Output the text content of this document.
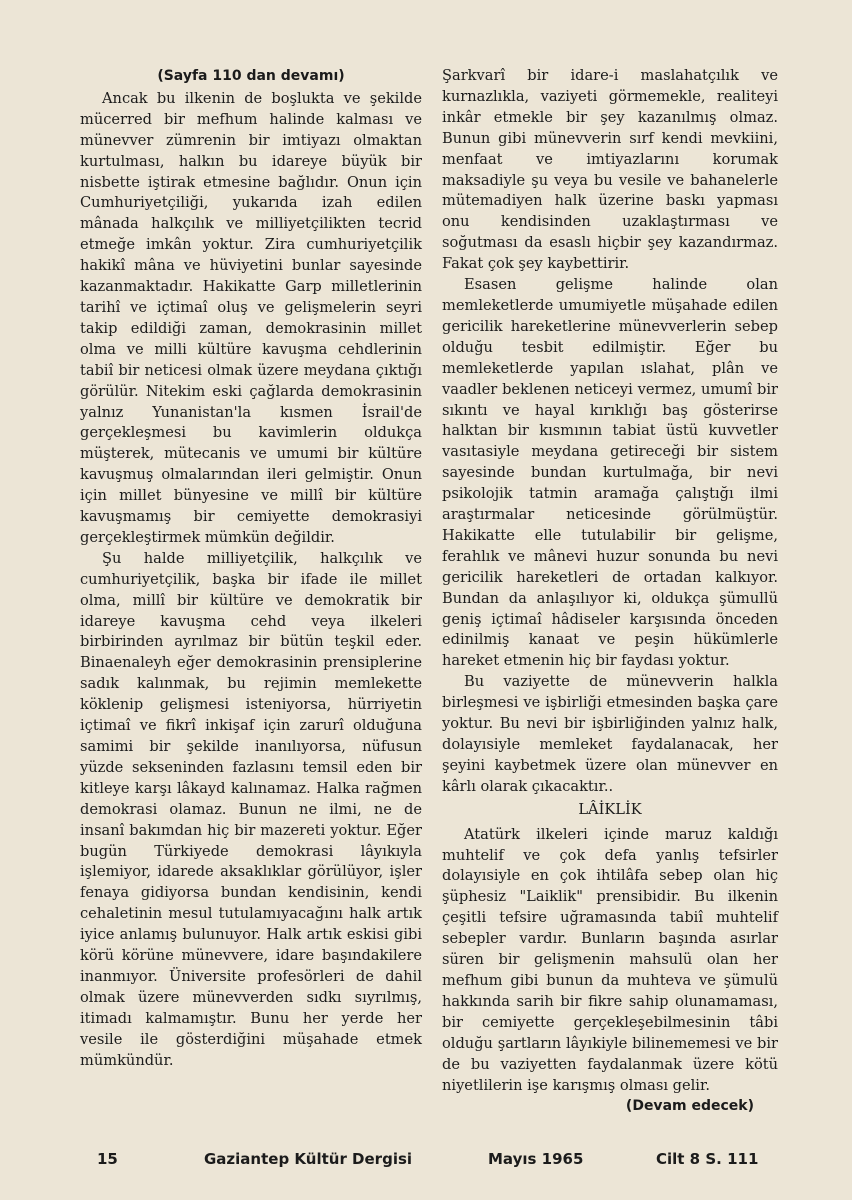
(Sayfa 110 dan devamı)

Ancak bu ilkenin de boşlukta ve şekilde mücerred bir mefhum halinde kalması ve münevver zümrenin bir imtiyazı olmaktan kurtulması, halkın bu idareye büyük bir nisbette iştirak etmesine bağlıdır. Onun için Cumhuriyetçiliği, yukarıda izah edilen mânada halkçılık ve milliyetçilikten tecrid etmeğe imkân yoktur. Zira cumhuriyetçilik hakikî mâna ve hüviyetini bunlar sayesinde kazanmaktadır. Hakikatte Garp milletlerinin tarihî ve içtimaî oluş ve gelişmelerin seyri takip edildiği zaman, demokrasinin millet olma ve milli kültüre kavuşma cehdlerinin tabiî bir neticesi olmak üzere meydana çıktığı görülür. Nitekim eski çağlarda demokrasinin yalnız Yunanistan'la kısmen İsrail'de gerçekleşmesi bu kavimlerin oldukça müşterek, mütecanis ve umumi bir kültüre kavuşmuş olmalarından ileri gelmiştir. Onun için millet bünyesine ve millî bir kültüre kavuşmamış bir cemiyette demokrasiyi gerçekleştirmek mümkün değildir.

Şu halde milliyetçilik, halkçılık ve cumhuriyetçilik, başka bir ifade ile millet olma, millî bir kültüre ve demokratik bir idareye kavuşma cehd veya ilkeleri birbirinden ayrılmaz bir bütün teşkil eder. Binaenaleyh eğer demokrasinin prensiplerine sadık kalınmak, bu rejimin memlekette köklenip gelişmesi isteniyorsa, hürriyetin içtimaî ve fikrî inkişaf için zarurî olduğuna samimi bir şekilde inanılıyorsa, nüfusun yüzde sekseninden fazlasını temsil eden bir kitleye karşı lâkayd kalınamaz. Halka rağmen demokrasi olamaz. Bunun ne ilmi, ne de insanî bakımdan hiç bir mazereti yoktur. Eğer bugün Türkiyede demokrasi lâyıkıyla işlemiyor, idarede aksaklıklar görülüyor, işler fenaya gidiyorsa bundan kendisinin, kendi cehaletinin mesul tutulamıyacağını halk artık iyice anlamış bulunuyor. Halk artık eskisi gibi körü körüne münevvere, idare başındakilere inanmıyor. Üniversite profesörleri de dahil olmak üzere münevverden sıdkı sıyrılmış, itimadı kalmamıştır. Bunu her yerde her vesile ile gösterdiğini müşahade etmek mümkündür.

Şarkvarî bir idare-i maslahatçılık ve kurnazlıkla, vaziyeti görmemekle, realiteyi inkâr etmekle bir şey kazanılmış olmaz. Bunun gibi münevverin sırf kendi mevkiini, menfaat ve imtiyazlarını korumak maksadiyle şu veya bu vesile ve bahanelerle mütemadiyen halk üzerine baskı yapması onu kendisinden uzaklaştırması ve soğutması da esaslı hiçbir şey kazandırmaz. Fakat çok şey kaybettirir.

Esasen gelişme halinde olan memleketlerde umumiyetle müşahade edilen gericilik hareketlerine münevverlerin sebep olduğu tesbit edilmiştir. Eğer bu memleketlerde yapılan ıslahat, plân ve vaadler beklenen neticeyi vermez, umumî bir sıkıntı ve hayal kırıklığı baş gösterirse halktan bir kısmının tabiat üstü kuvvetler vasıtasiyle meydana getireceği bir sistem sayesinde bundan kurtulmağa, bir nevi psikolojik tatmin aramağa çalıştığı ilmi araştırmalar neticesinde görülmüştür. Hakikatte elle tutulabilir bir gelişme, ferahlık ve mânevi huzur sonunda bu nevi gericilik hareketleri de ortadan kalkıyor. Bundan da anlaşılıyor ki, oldukça şümullü geniş içtimaî hâdiseler karşısında önceden edinilmiş kanaat ve peşin hükümlerle hareket etmenin hiç bir faydası yoktur.

Bu vaziyette de münevverin halkla birleşmesi ve işbirliği etmesinden başka çare yoktur. Bu nevi bir işbirliğinden yalnız halk, dolayısiyle memleket faydalanacak, her şeyini kaybetmek üzere olan münevver en kârlı olarak çıkacaktır..

LÂİKLİK

Atatürk ilkeleri içinde maruz kaldığı muhtelif ve çok defa yanlış tefsirler dolayısiyle en çok ihtilâfa sebep olan hiç şüphesiz "Laiklik" prensibidir. Bu ilkenin çeşitli tefsire uğramasında tabiî muhtelif sebepler vardır. Bunların başında asırlar süren bir gelişmenin mahsulü olan her mefhum gibi bunun da muhteva ve şümulü hakkında sarih bir fikre sahip olunamaması, bir cemiyette gerçekleşebilmesinin tâbi olduğu şartların lâyıkiyle bilinememesi ve bir de bu vaziyetten faydalanmak üzere kötü niyetlilerin işe karışmış olması gelir.

(Devam edecek)
15	Gaziantep Kültür Dergisi	Mayıs 1965	Cilt 8 S. 111
